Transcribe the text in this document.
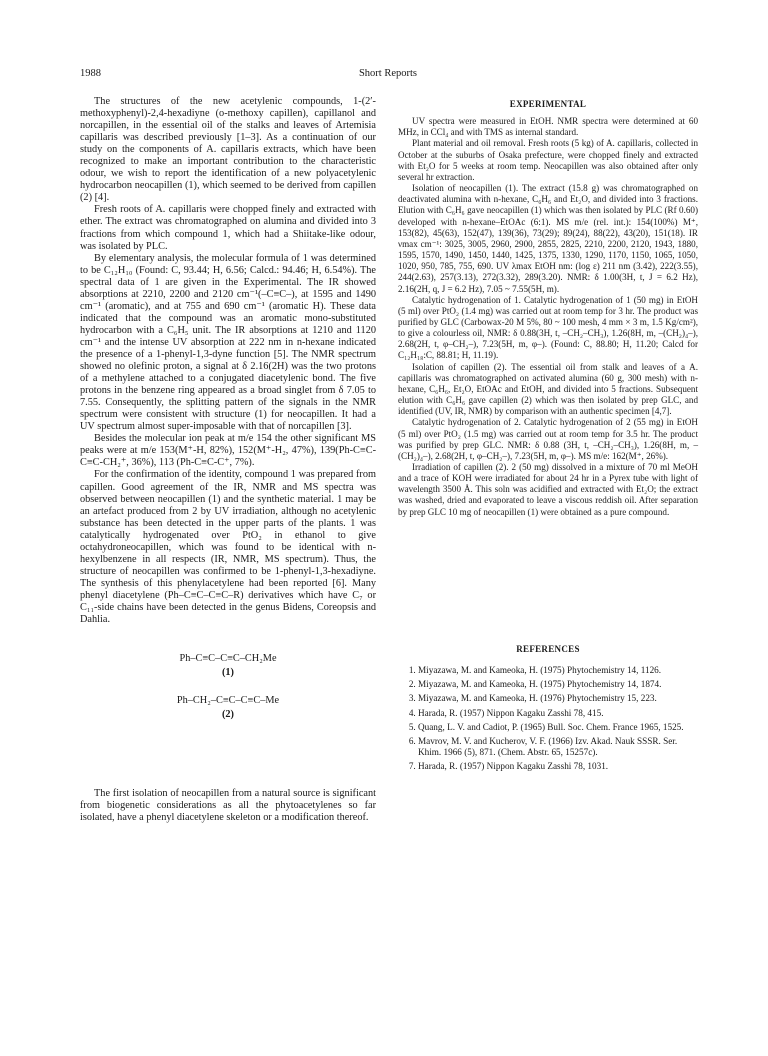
1988	Short Reports

The structures of the new acetylenic compounds, 1-(2′-methoxyphenyl)-2,4-hexadiyne (o-methoxy capillen), capillanol and norcapillen, in the essential oil of the stalks and leaves of Artemisia capillaris was described previously [1–3]. As a continuation of our study on the components of A. capillaris extracts, which have been recognized to make an important contribution to the characteristic odour, we wish to report the identification of a new polyacetylenic hydrocarbon neocapillen (1), which seemed to be derived from capillen (2) [4].

Fresh roots of A. capillaris were chopped finely and extracted with ether. The extract was chromatographed on alumina and divided into 3 fractions from which compound 1, which had a Shiitake-like odour, was isolated by PLC.

By elementary analysis, the molecular formula of 1 was determined to be C₁₂H₁₀ (Found: C, 93.44; H, 6.56; Calcd.: 94.46; H, 6.54%). The spectral data of 1 are given in the Experimental. The IR showed absorptions at 2210, 2200 and 2120 cm⁻¹(–C≡C–), at 1595 and 1490 cm⁻¹ (aromatic), and at 755 and 690 cm⁻¹ (aromatic H). These data indicated that the compound was an aromatic mono-substituted hydrocarbon with a C₆H₅ unit. The IR absorptions at 1210 and 1120 cm⁻¹ and the intense UV absorption at 222 nm in n-hexane indicated the presence of a 1-phenyl-1,3-dyne function [5]. The NMR spectrum showed no olefinic proton, a signal at δ 2.16(2H) was the two protons of a methylene attached to a conjugated diacetylenic bond. The five protons in the benzene ring appeared as a broad singlet from δ 7.05 to 7.55. Consequently, the splitting pattern of the signals in the NMR spectrum were consistent with structure (1) for neocapillen. It had a UV spectrum almost super-imposable with that of norcapillen [3].

Besides the molecular ion peak at m/e 154 the other significant MS peaks were at m/e 153(M⁺-H, 82%), 152(M⁺-H₂, 47%), 139(Ph-C≡C-C≡C-CH₂⁺, 36%), 113 (Ph-C≡C-C⁺, 7%).

For the confirmation of the identity, compound 1 was prepared from capillen. Good agreement of the IR, NMR and MS spectra was observed between neocapillen (1) and the synthetic material. 1 may be an artefact produced from 2 by UV irradiation, although no acetylenic substance has been detected in the upper parts of the plants. 1 was catalytically hydrogenated over PtO₂ in ethanol to give octahydroneocapillen, which was found to be identical with n-hexylbenzene in all respects (IR, NMR, MS spectrum). Thus, the structure of neocapillen was confirmed to be 1-phenyl-1,3-hexadiyne. The synthesis of this phenylacetylene had been reported [6]. Many phenyl diacetylene (Ph–C≡C–C≡C–R) derivatives which have C₇ or C₁₁-side chains have been detected in the genus Bidens, Coreopsis and Dahlia.

Ph–C≡C–C≡C–CH₂Me
(1)
Ph–CH₂–C≡C–C≡C–Me
(2)

The first isolation of neocapillen from a natural source is significant from biogenetic considerations as all the phytoacetylenes so far isolated, have a phenyl diacetylene skeleton or a modification thereof.

EXPERIMENTAL

UV spectra were measured in EtOH. NMR spectra were determined at 60 MHz, in CCl₄ and with TMS as internal standard.

Plant material and oil removal. Fresh roots (5 kg) of A. capillaris, collected in October at the suburbs of Osaka prefecture, were chopped finely and extracted with Et₂O for 5 weeks at room temp. Neocapillen was also obtained after only several hr extraction.

Isolation of neocapillen (1). The extract (15.8 g) was chromatographed on deactivated alumina with n-hexane, C₆H₆ and Et₂O, and divided into 3 fractions. Elution with C₆H₆ gave neocapillen (1) which was then isolated by PLC (Rf 0.60) developed with n-hexane–EtOAc (6:1). MS m/e (rel. int.): 154(100%) M⁺, 153(82), 45(63), 152(47), 139(36), 73(29); 89(24), 88(22), 43(20), 151(18). IR νmax cm⁻¹: 3025, 3005, 2960, 2900, 2855, 2825, 2210, 2200, 2120, 1943, 1880, 1595, 1570, 1490, 1450, 1440, 1425, 1375, 1330, 1290, 1170, 1150, 1065, 1050, 1020, 950, 785, 755, 690. UV λmax EtOH nm: (log ε) 211 nm (3.42), 222(3.55), 244(2.63), 257(3.13), 272(3.32), 289(3.20). NMR: δ 1.00(3H, t, J = 6.2 Hz), 2.16(2H, q, J = 6.2 Hz), 7.05 ~ 7.55(5H, m).

Catalytic hydrogenation of 1. Catalytic hydrogenation of 1 (50 mg) in EtOH (5 ml) over PtO₂ (1.4 mg) was carried out at room temp for 3 hr. The product was purified by GLC (Carbowax-20 M 5%, 80 ~ 100 mesh, 4 mm × 3 m, 1.5 Kg/cm²), to give a colourless oil, NMR: δ 0.88(3H, t, –CH₂–CH₃), 1.26(8H, m, –(CH₂)₄–), 2.68(2H, t, φ–CH₂–), 7.23(5H, m, φ–). (Found: C, 88.80; H, 11.20; Calcd for C₁₂H₁₈:C, 88.81; H, 11.19).

Isolation of capillen (2). The essential oil from stalk and leaves of a A. capillaris was chromatographed on activated alumina (60 g, 300 mesh) with n-hexane, C₆H₆, Et₂O, EtOAc and EtOH, and divided into 5 fractions. Subsequent elution with C₆H₆ gave capillen (2) which was then isolated by prep GLC, and identified (UV, IR, NMR) by comparison with an authentic specimen [4,7].

Catalytic hydrogenation of 2. Catalytic hydrogenation of 2 (55 mg) in EtOH (5 ml) over PtO₂ (1.5 mg) was carried out at room temp for 3.5 hr. The product was purified by prep GLC. NMR: δ 0.88 (3H, t, –CH₂–CH₃), 1.26(8H, m, –(CH₂)₄–), 2.68(2H, t, φ–CH₂–), 7.23(5H, m, φ–). MS m/e: 162(M⁺, 26%).

Irradiation of capillen (2). 2 (50 mg) dissolved in a mixture of 70 ml MeOH and a trace of KOH were irradiated for about 24 hr in a Pyrex tube with light of wavelength 3500 Å. This soln was acidified and extracted with Et₂O; the extract was washed, dried and evaporated to leave a viscous reddish oil. After separation by prep GLC 10 mg of neocapillen (1) were obtained as a pure compound.

REFERENCES
1. Miyazawa, M. and Kameoka, H. (1975) Phytochemistry 14, 1126.
2. Miyazawa, M. and Kameoka, H. (1975) Phytochemistry 14, 1874.
3. Miyazawa, M. and Kameoka, H. (1976) Phytochemistry 15, 223.
4. Harada, R. (1957) Nippon Kagaku Zasshi 78, 415.
5. Quang, L. V. and Cadiot, P. (1965) Bull. Soc. Chem. France 1965, 1525.
6. Mavrov, M. V. and Kucherov, V. F. (1966) Izv. Akad. Nauk SSSR. Ser. Khim. 1966 (5), 871. (Chem. Abstr. 65, 15257c).
7. Harada, R. (1957) Nippon Kagaku Zasshi 78, 1031.
